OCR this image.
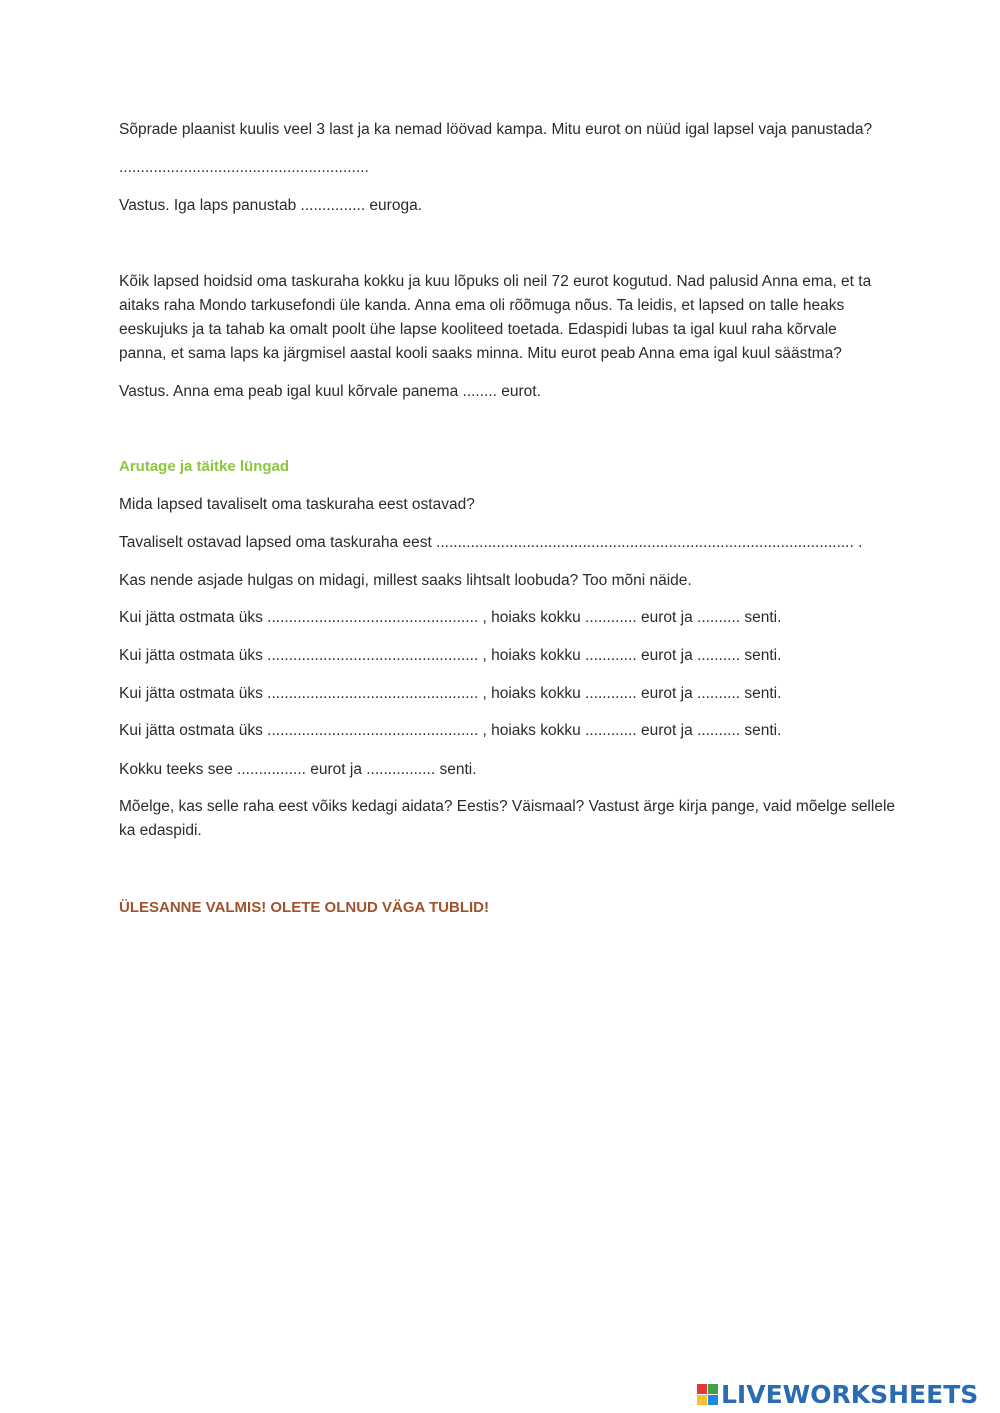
Sõprade plaanist kuulis veel 3 last ja ka nemad löövad kampa. Mitu eurot on nüüd igal lapsel vaja panustada?
..........................................................
Vastus. Iga laps panustab ............... euroga.
Kõik lapsed hoidsid oma taskuraha kokku ja kuu lõpuks oli neil 72 eurot kogutud. Nad palusid Anna ema, et ta
aitaks raha Mondo tarkusefondi üle kanda. Anna ema oli rõõmuga nõus. Ta leidis, et lapsed on talle heaks
eeskujuks ja ta tahab ka omalt poolt ühe lapse kooliteed toetada. Edaspidi lubas ta igal kuul raha kõrvale
panna, et sama laps ka järgmisel aastal kooli saaks minna. Mitu eurot peab Anna ema igal kuul säästma?
Vastus. Anna ema peab igal kuul kõrvale panema ........ eurot.
Arutage ja täitke lüngad
Mida lapsed tavaliselt oma taskuraha eest ostavad?
Tavaliselt ostavad lapsed oma taskuraha eest ................................................................................................. .
Kas nende asjade hulgas on midagi, millest saaks lihtsalt loobuda? Too mõni näide.
Kui jätta ostmata üks ................................................. , hoiaks kokku ............ eurot ja .......... senti.
Kui jätta ostmata üks ................................................. , hoiaks kokku ............ eurot ja .......... senti.
Kui jätta ostmata üks ................................................. , hoiaks kokku ............ eurot ja .......... senti.
Kui jätta ostmata üks ................................................. , hoiaks kokku ............ eurot ja .......... senti.
Kokku teeks see ................ eurot ja ................ senti.
Mõelge, kas selle raha eest võiks kedagi aidata? Eestis? Väismaal? Vastust ärge kirja pange, vaid mõelge sellele
ka edaspidi.
ÜLESANNE VALMIS! OLETE OLNUD VÄGA TUBLID!
LIVEWORKSHEETS
